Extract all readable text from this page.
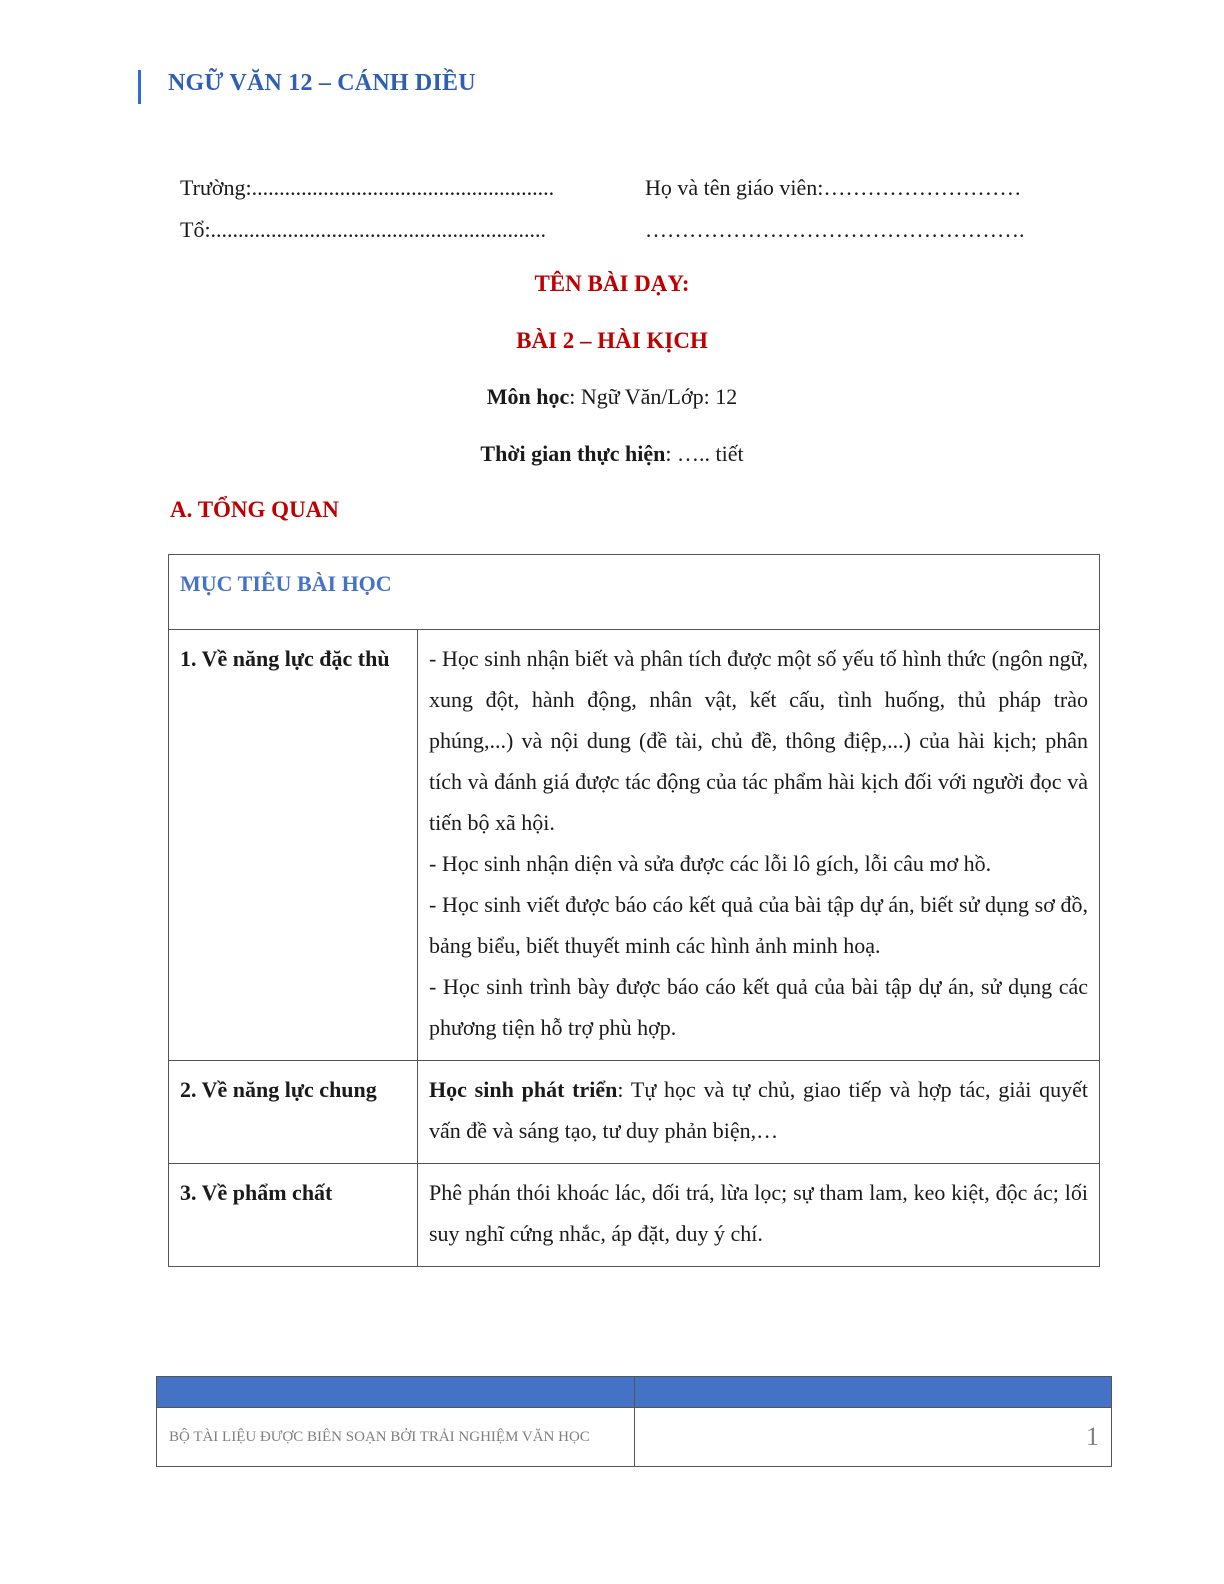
NGỮ VĂN 12 – CÁNH DIỀU
Trường:.......................................................	Họ và tên giáo viên:………………………
Tổ:.............................................................	…………………………………………….
TÊN BÀI DẠY:
BÀI 2 – HÀI KỊCH
Môn học: Ngữ Văn/Lớp: 12
Thời gian thực hiện: ….. tiết
A. TỔNG QUAN
MỤC TIÊU BÀI HỌC	
1. Về năng lực đặc thù	- Học sinh nhận biết và phân tích được một số yếu tố hình thức (ngôn ngữ, xung đột, hành động, nhân vật, kết cấu, tình huống, thủ pháp trào phúng,...) và nội dung (đề tài, chủ đề, thông điệp,...) của hài kịch; phân tích và đánh giá được tác động của tác phẩm hài kịch đối với người đọc và tiến bộ xã hội.
- Học sinh nhận diện và sửa được các lỗi lô gích, lỗi câu mơ hồ.
- Học sinh viết được báo cáo kết quả của bài tập dự án, biết sử dụng sơ đồ, bảng biểu, biết thuyết minh các hình ảnh minh hoạ.
- Học sinh trình bày được báo cáo kết quả của bài tập dự án, sử dụng các phương tiện hỗ trợ phù hợp.

2. Về năng lực chung	Học sinh phát triển: Tự học và tự chủ, giao tiếp và hợp tác, giải quyết vấn đề và sáng tạo, tư duy phản biện,…
3. Về phẩm chất	Phê phán thói khoác lác, dối trá, lừa lọc; sự tham lam, keo kiệt, độc ác; lối suy nghĩ cứng nhắc, áp đặt, duy ý chí.

BỘ TÀI LIỆU ĐƯỢC BIÊN SOẠN BỞI TRẢI NGHIỆM VĂN HỌC	1
